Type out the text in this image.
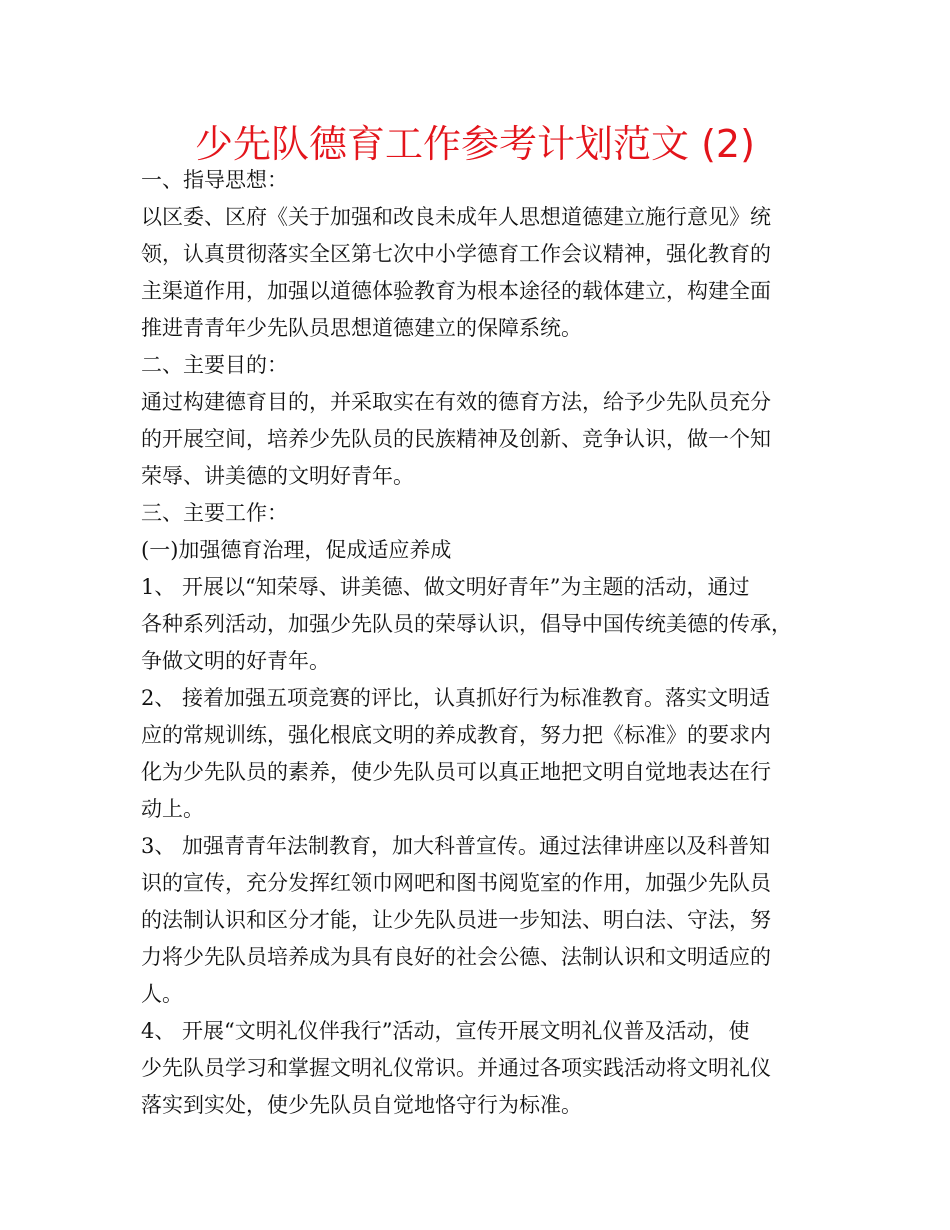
少先队德育工作参考计划范文 (2)
一、指导思想：
以区委、区府《关于加强和改良未成年人思想道德建立施行意见》统
领，认真贯彻落实全区第七次中小学德育工作会议精神，强化教育的
主渠道作用，加强以道德体验教育为根本途径的载体建立，构建全面
推进青青年少先队员思想道德建立的保障系统。
二、主要目的：
通过构建德育目的，并采取实在有效的德育方法，给予少先队员充分
的开展空间，培养少先队员的民族精神及创新、竞争认识，做一个知
荣辱、讲美德的文明好青年。
三、主要工作：
(一)加强德育治理，促成适应养成
1、 开展以“知荣辱、讲美德、做文明好青年”为主题的活动，通过
各种系列活动，加强少先队员的荣辱认识，倡导中国传统美德的传承，
争做文明的好青年。
2、 接着加强五项竞赛的评比，认真抓好行为标准教育。落实文明适
应的常规训练，强化根底文明的养成教育，努力把《标准》的要求内
化为少先队员的素养，使少先队员可以真正地把文明自觉地表达在行
动上。
3、 加强青青年法制教育，加大科普宣传。通过法律讲座以及科普知
识的宣传，充分发挥红领巾网吧和图书阅览室的作用，加强少先队员
的法制认识和区分才能，让少先队员进一步知法、明白法、守法，努
力将少先队员培养成为具有良好的社会公德、法制认识和文明适应的
人。
4、 开展“文明礼仪伴我行”活动，宣传开展文明礼仪普及活动，使
少先队员学习和掌握文明礼仪常识。并通过各项实践活动将文明礼仪
落实到实处，使少先队员自觉地恪守行为标准。
